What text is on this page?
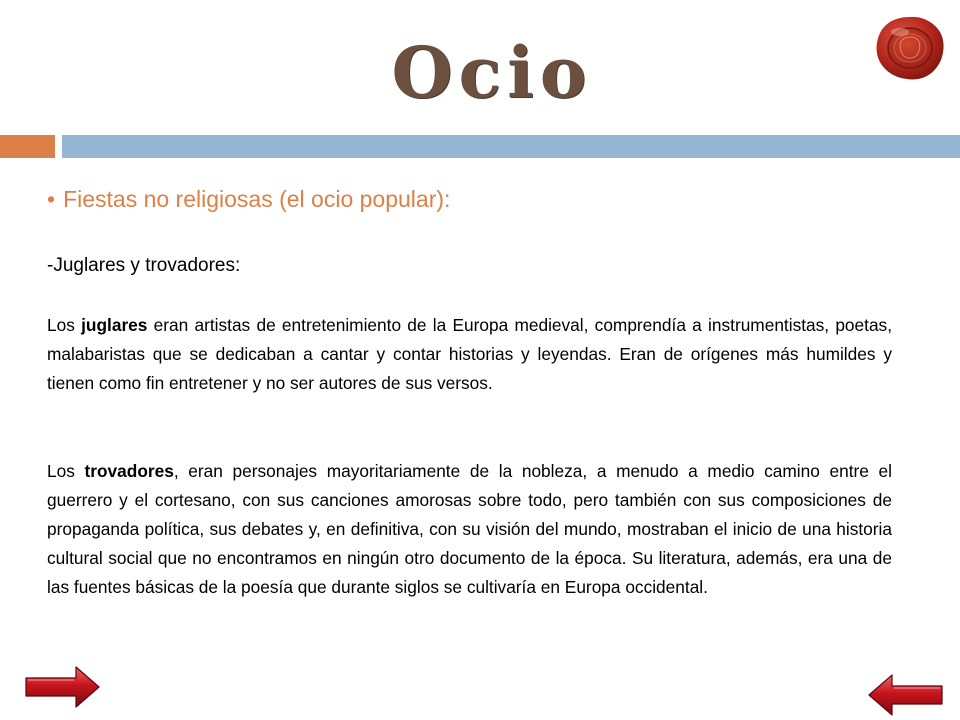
Ocio
• Fiestas no religiosas (el ocio popular):
-Juglares y trovadores:

Los juglares eran artistas de entretenimiento de la Europa medieval, comprendía a instrumentistas, poetas, malabaristas que se dedicaban a cantar y contar historias y leyendas. Eran de orígenes más humildes y tienen como fin entretener y no ser autores de sus versos.

Los trovadores, eran personajes mayoritariamente de la nobleza, a menudo a medio camino entre el guerrero y el cortesano, con sus canciones amorosas sobre todo, pero también con sus composiciones de propaganda política, sus debates y, en definitiva, con su visión del mundo, mostraban el inicio de una historia cultural social que no encontramos en ningún otro documento de la época. Su literatura, además, era una de las fuentes básicas de la poesía que durante siglos se cultivaría en Europa occidental.
